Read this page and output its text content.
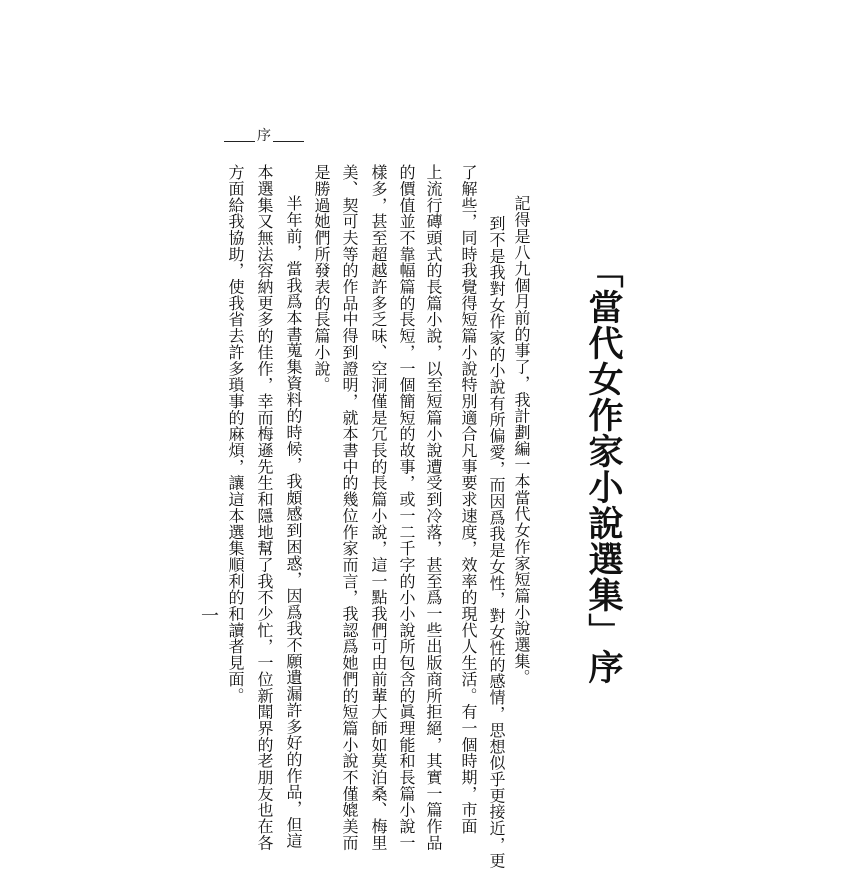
「當代女作家小說選集」序
序
記得是八九個月前的事了，我計劃編一本當代女作家短篇小說選集。
到不是我對女作家的小說有所偏愛，而因爲我是女性，對女性的感情，思想似乎更接近，更
了解些，同時我覺得短篇小說特別適合凡事要求速度，效率的現代人生活。有一個時期，市面
上流行磚頭式的長篇小說，以至短篇小說遭受到冷落，甚至爲一些出版商所拒絕，其實一篇作品
的價值並不靠幅篇的長短，一個簡短的故事，或一二千字的小小說所包含的眞理能和長篇小說一
樣多，甚至超越許多乏味、空洞僅是冗長的長篇小說，這一點我們可由前輩大師如莫泊桑、梅里
美、契可夫等的作品中得到證明，就本書中的幾位作家而言，我認爲她們的短篇小說不僅媲美而
是勝過她們所發表的長篇小說。
半年前，當我爲本書蒐集資料的時候，我頗感到困惑，因爲我不願遺漏許多好的作品，但這
本選集又無法容納更多的佳作，幸而梅遜先生和隱地幫了我不少忙，一位新聞界的老朋友也在各
方面給我協助，使我省去許多瑣事的麻煩，讓這本選集順利的和讀者見面。
一
